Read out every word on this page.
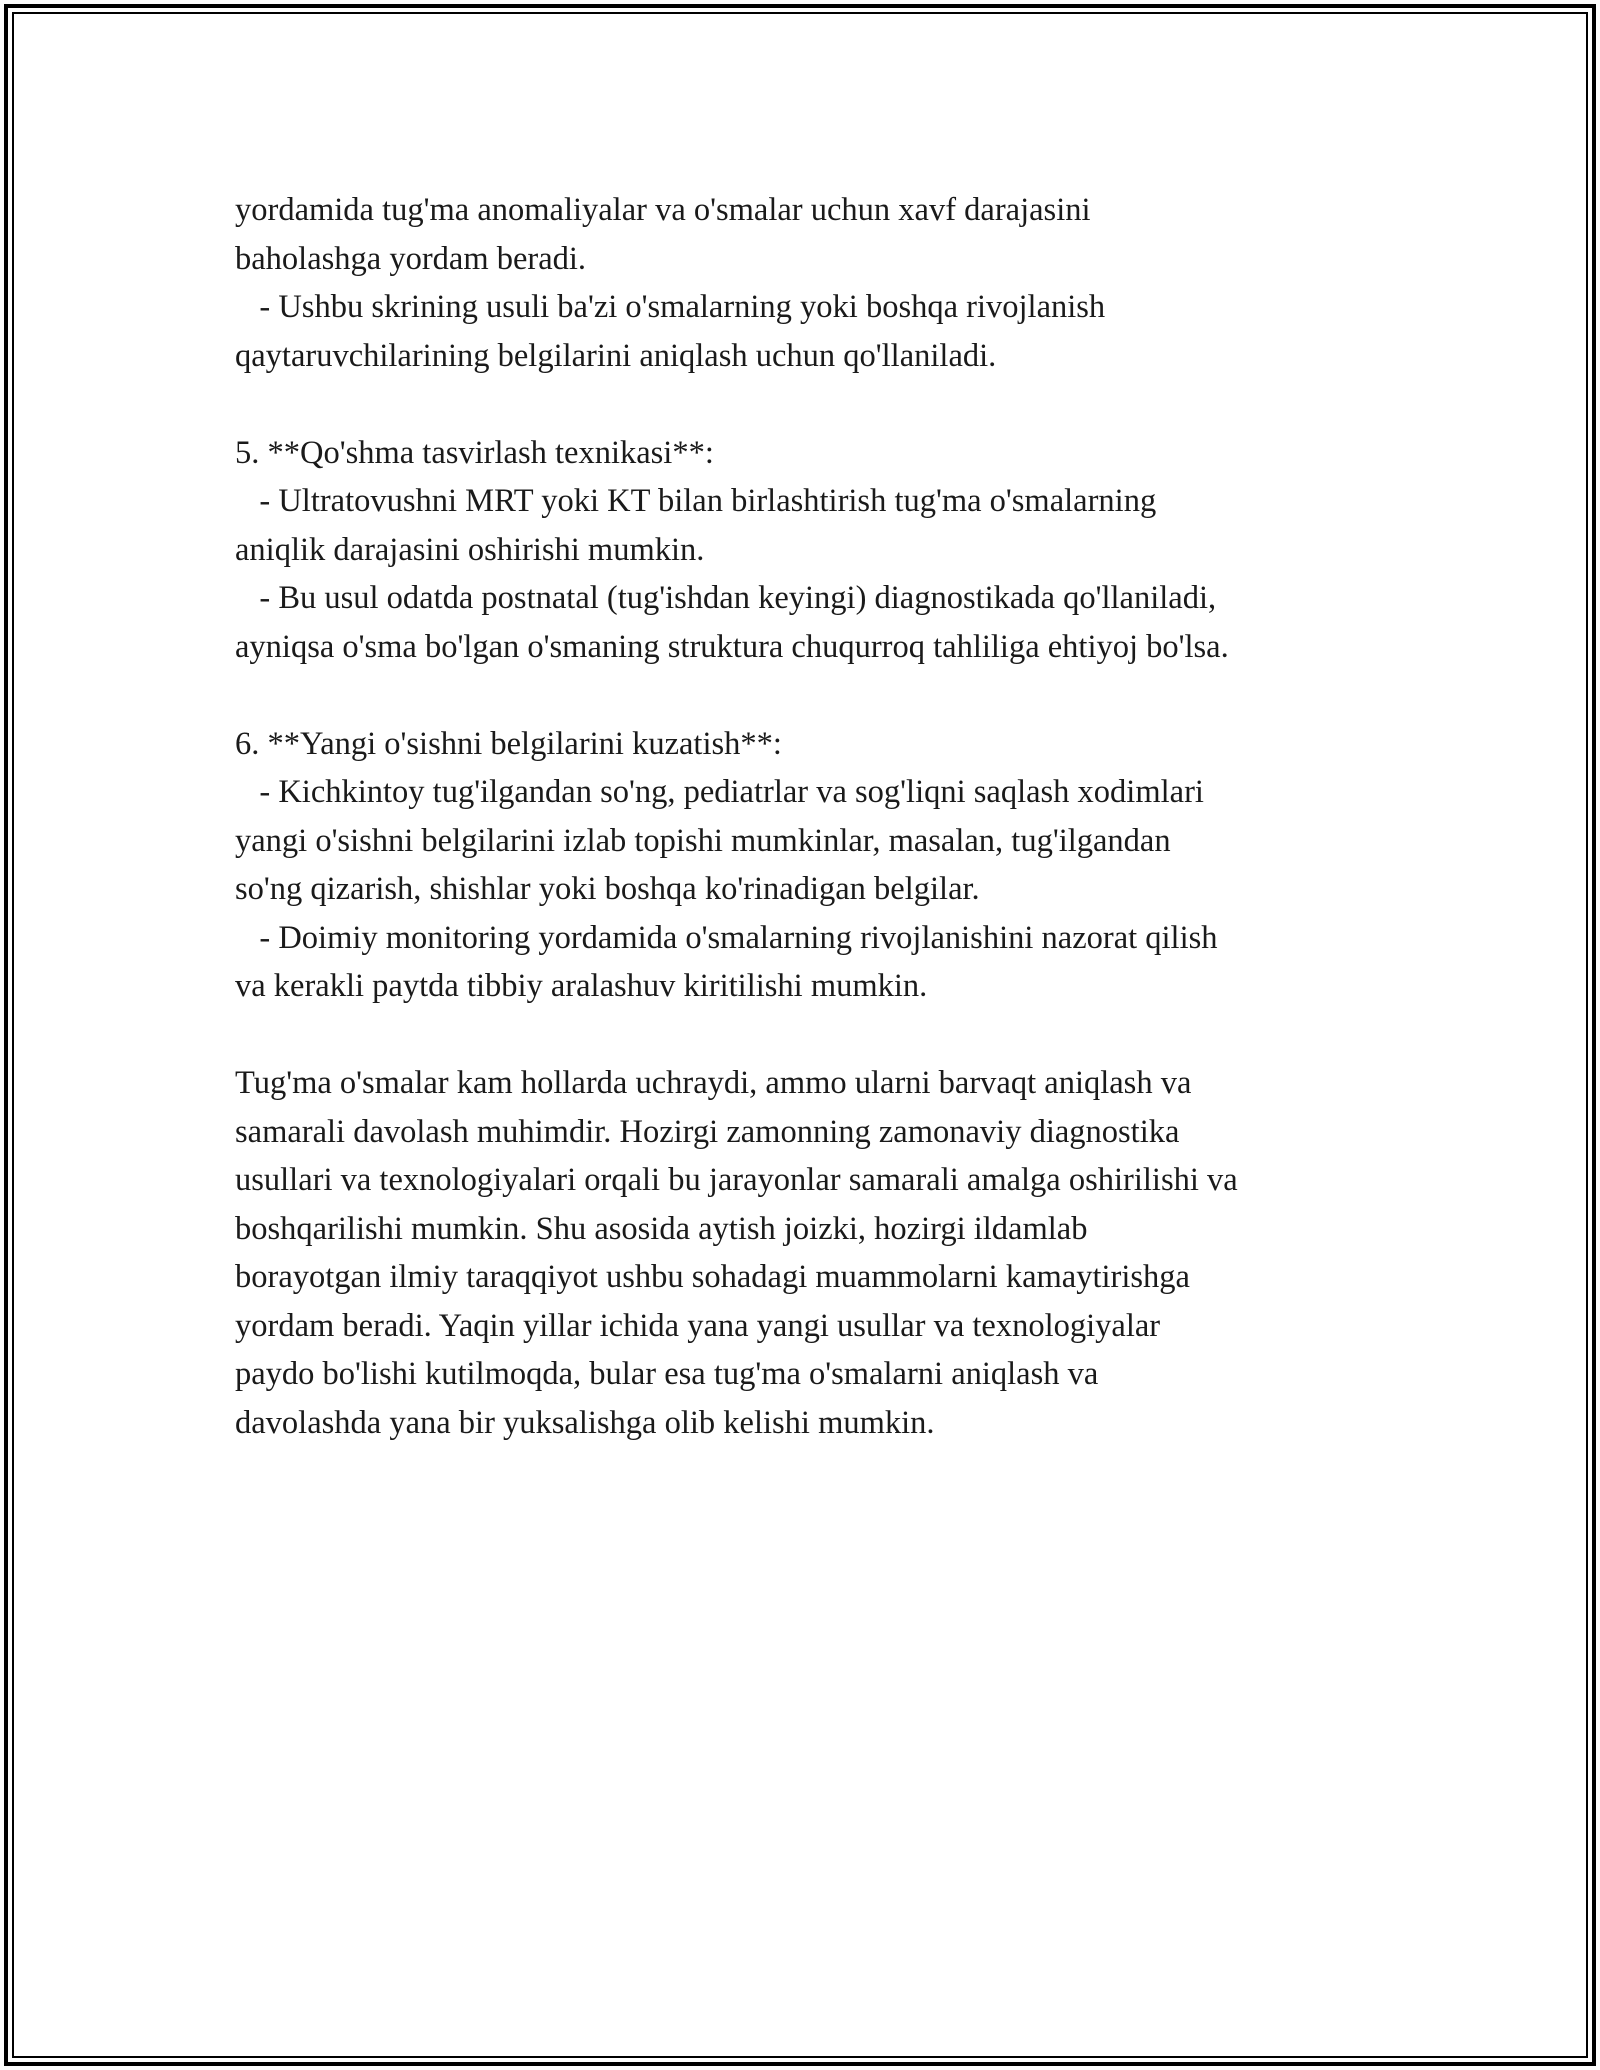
yordamida tug'ma anomaliyalar va o'smalar uchun xavf darajasini
baholashga yordam beradi.
- Ushbu skrining usuli ba'zi o'smalarning yoki boshqa rivojlanish
qaytaruvchilarining belgilarini aniqlash uchun qo'llaniladi.
5. **Qo'shma tasvirlash texnikasi**:
- Ultratovushni MRT yoki KT bilan birlashtirish tug'ma o'smalarning
aniqlik darajasini oshirishi mumkin.
- Bu usul odatda postnatal (tug'ishdan keyingi) diagnostikada qo'llaniladi,
ayniqsa o'sma bo'lgan o'smaning struktura chuqurroq tahliliga ehtiyoj bo'lsa.
6. **Yangi o'sishni belgilarini kuzatish**:
- Kichkintoy tug'ilgandan so'ng, pediatrlar va sog'liqni saqlash xodimlari
yangi o'sishni belgilarini izlab topishi mumkinlar, masalan, tug'ilgandan
so'ng qizarish, shishlar yoki boshqa ko'rinadigan belgilar.
- Doimiy monitoring yordamida o'smalarning rivojlanishini nazorat qilish
va kerakli paytda tibbiy aralashuv kiritilishi mumkin.
Tug'ma o'smalar kam hollarda uchraydi, ammo ularni barvaqt aniqlash va
samarali davolash muhimdir. Hozirgi zamonning zamonaviy diagnostika
usullari va texnologiyalari orqali bu jarayonlar samarali amalga oshirilishi va
boshqarilishi mumkin. Shu asosida aytish joizki, hozirgi ildamlab
borayotgan ilmiy taraqqiyot ushbu sohadagi muammolarni kamaytirishga
yordam beradi. Yaqin yillar ichida yana yangi usullar va texnologiyalar
paydo bo'lishi kutilmoqda, bular esa tug'ma o'smalarni aniqlash va
davolashda yana bir yuksalishga olib kelishi mumkin.
